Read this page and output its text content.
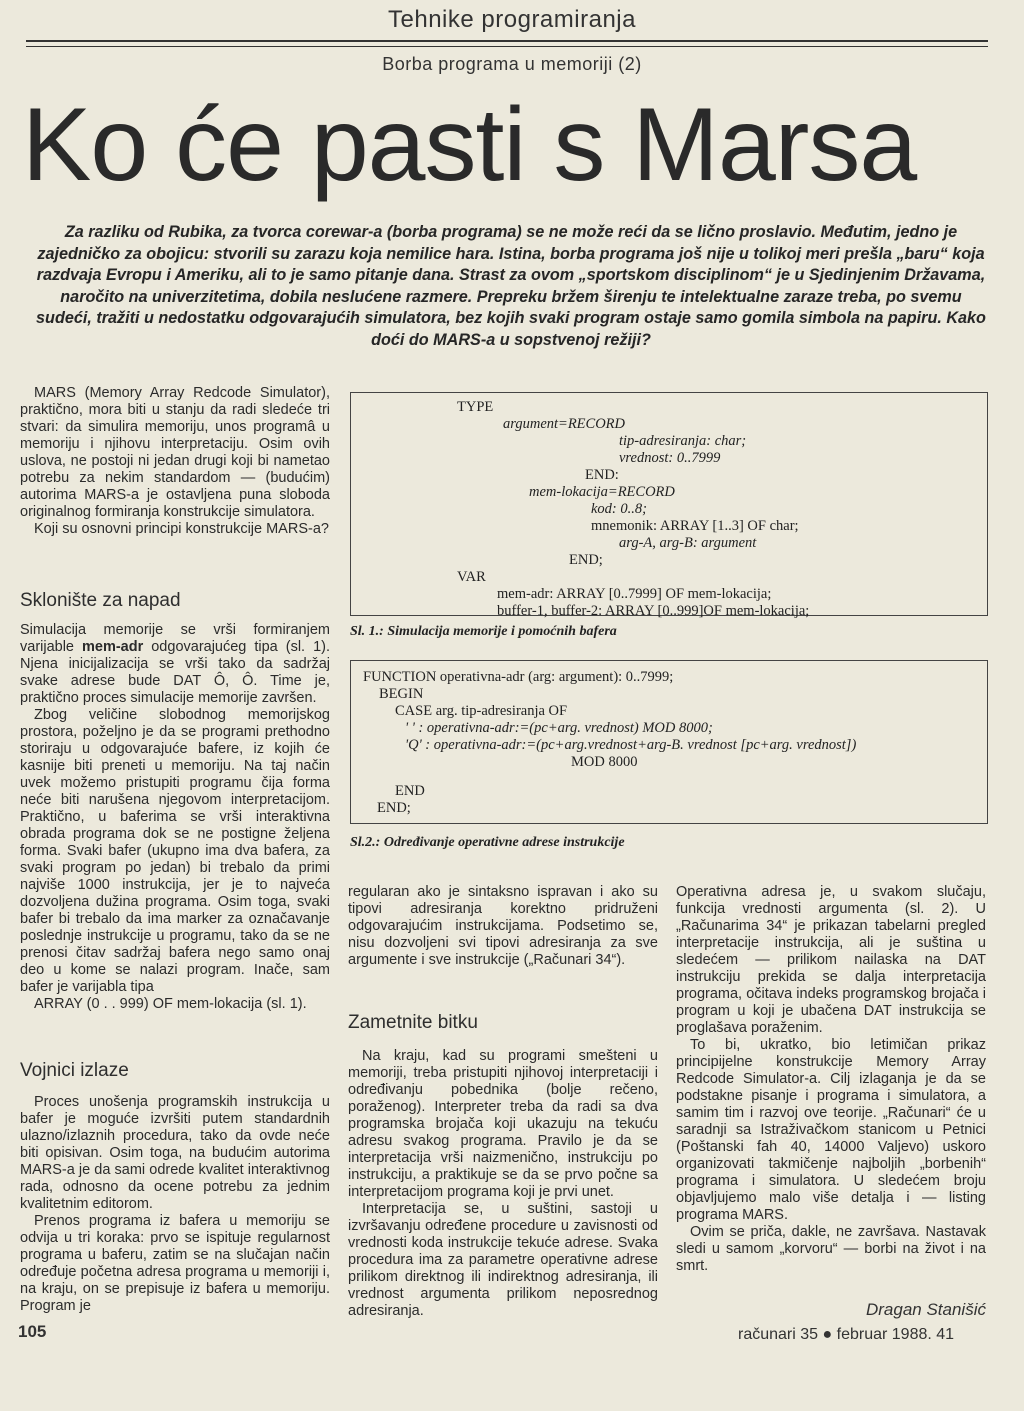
Tehnike programiranja
Borba programa u memoriji (2)
Ko će pasti s Marsa
Za razliku od Rubika, za tvorca corewar-a (borba programa) se ne može reći da se lično proslavio. Međutim, jedno je zajedničko za obojicu: stvorili su zarazu koja nemilice hara. Istina, borba programa još nije u tolikoj meri prešla „baru“ koja razdvaja Evropu i Ameriku, ali to je samo pitanje dana. Strast za ovom „sportskom disciplinom“ je u Sjedinjenim Državama, naročito na univerzitetima, dobila neslućene razmere. Prepreku bržem širenju te intelektualne zaraze treba, po svemu sudeći, tražiti u nedostatku odgovarajućih simulatora, bez kojih svaki program ostaje samo gomila simbola na papiru. Kako doći do MARS-a u sopstvenoj režiji?

MARS (Memory Array Redcode Simulator), praktično, mora biti u stanju da radi sledeće tri stvari: da simulira memoriju, unos programâ u memoriju i njihovu interpretaciju. Osim ovih uslova, ne postoji ni jedan drugi koji bi nametao potrebu za nekim standardom — (budućim) autorima MARS-a je ostavljena puna sloboda originalnog formiranja konstrukcije simulatora.

Koji su osnovni principi konstrukcije MARS-a?

Sklonište za napad

Simulacija memorije se vrši formiranjem varijable mem-adr odgovarajućeg tipa (sl. 1). Njena inicijalizacija se vrši tako da sadržaj svake adrese bude DAT Ô, Ô. Time je, praktično proces simulacije memorije završen.

Zbog veličine slobodnog memorijskog prostora, poželjno je da se programi prethodno storiraju u odgovarajuće bafere, iz kojih će kasnije biti preneti u memoriju. Na taj način uvek možemo pristupiti programu čija forma neće biti narušena njegovom interpretacijom. Praktično, u baferima se vrši interaktivna obrada programa dok se ne postigne željena forma. Svaki bafer (ukupno ima dva bafera, za svaki program po jedan) bi trebalo da primi najviše 1000 instrukcija, jer je to najveća dozvoljena dužina programa. Osim toga, svaki bafer bi trebalo da ima marker za označavanje poslednje instrukcije u programu, tako da se ne prenosi čitav sadržaj bafera nego samo onaj deo u kome se nalazi program. Inače, sam bafer je varijabla tipa

ARRAY (0 . . 999) OF mem-lokacija (sl. 1).

Vojnici izlaze

Proces unošenja programskih instrukcija u bafer je moguće izvršiti putem standardnih ulazno/izlaznih procedura, tako da ovde neće biti opisivan. Osim toga, na budućim autorima MARS-a je da sami odrede kvalitet interaktivnog rada, odnosno da ocene potrebu za jednim kvalitetnim editorom.

Prenos programa iz bafera u memoriju se odvija u tri koraka: prvo se ispituje regularnost programa u baferu, zatim se na slučajan način određuje početna adresa programa u memoriji i, na kraju, on se prepisuje iz bafera u memoriju. Program je

TYPE
argument=RECORD
tip-adresiranja: char;
vrednost: 0..7999
END:
mem-lokacija=RECORD
kod: 0..8;
mnemonik: ARRAY [1..3] OF char;
arg-A, arg-B: argument
END;
VAR
mem-adr: ARRAY [0..7999] OF mem-lokacija;
buffer-1, buffer-2: ARRAY [0..999]OF mem-lokacija;
Sl. 1.: Simulacija memorije i pomoćnih bafera
FUNCTION operativna-adr (arg: argument): 0..7999;
BEGIN
CASE arg. tip-adresiranja OF
' ' : operativna-adr:=(pc+arg. vrednost) MOD 8000;
'Q' : operativna-adr:=(pc+arg.vrednost+arg-B. vrednost [pc+arg. vrednost])
MOD 8000
END
END;
Sl.2.: Određivanje operativne adrese instrukcije

regularan ako je sintaksno ispravan i ako su tipovi adresiranja korektno pridruženi odgovarajućim instrukcijama. Podsetimo se, nisu dozvoljeni svi tipovi adresiranja za sve argumente i sve instrukcije („Računari 34“).

Zametnite bitku

Na kraju, kad su programi smešteni u memoriji, treba pristupiti njihovoj interpretaciji i određivanju pobednika (bolje rečeno, poraženog). Interpreter treba da radi sa dva programska brojača koji ukazuju na tekuću adresu svakog programa. Pravilo je da se interpretacija vrši naizmenično, instrukciju po instrukciju, a praktikuje se da se prvo počne sa interpretacijom programa koji je prvi unet.

Interpretacija se, u suštini, sastoji u izvršavanju određene procedure u zavisnosti od vrednosti koda instrukcije tekuće adrese. Svaka procedura ima za parametre operativne adrese prilikom direktnog ili indirektnog adresiranja, ili vrednost argumenta prilikom neposrednog adresiranja.

Operativna adresa je, u svakom slučaju, funkcija vrednosti argumenta (sl. 2). U „Računarima 34“ je prikazan tabelarni pregled interpretacije instrukcija, ali je suština u sledećem — prilikom nailaska na DAT instrukciju prekida se dalja interpretacija programa, očitava indeks programskog brojača i program u koji je ubačena DAT instrukcija se proglašava poraženim.

To bi, ukratko, bio letimičan prikaz principijelne konstrukcije Memory Array Redcode Simulator-a. Cilj izlaganja je da se podstakne pisanje i programa i simulatora, a samim tim i razvoj ove teorije. „Računari“ će u saradnji sa Istraživačkom stanicom u Petnici (Poštanski fah 40, 14000 Valjevo) uskoro organizovati takmičenje najboljih „borbenih“ programa i simulatora. U sledećem broju objavljujemo malo više detalja i — listing programa MARS.

Ovim se priča, daklе, ne završava. Nastavak sledi u samom „korvoru“ — borbi na život i na smrt.

Dragan Stanišić
105	računari 35 ● februar 1988. 41
